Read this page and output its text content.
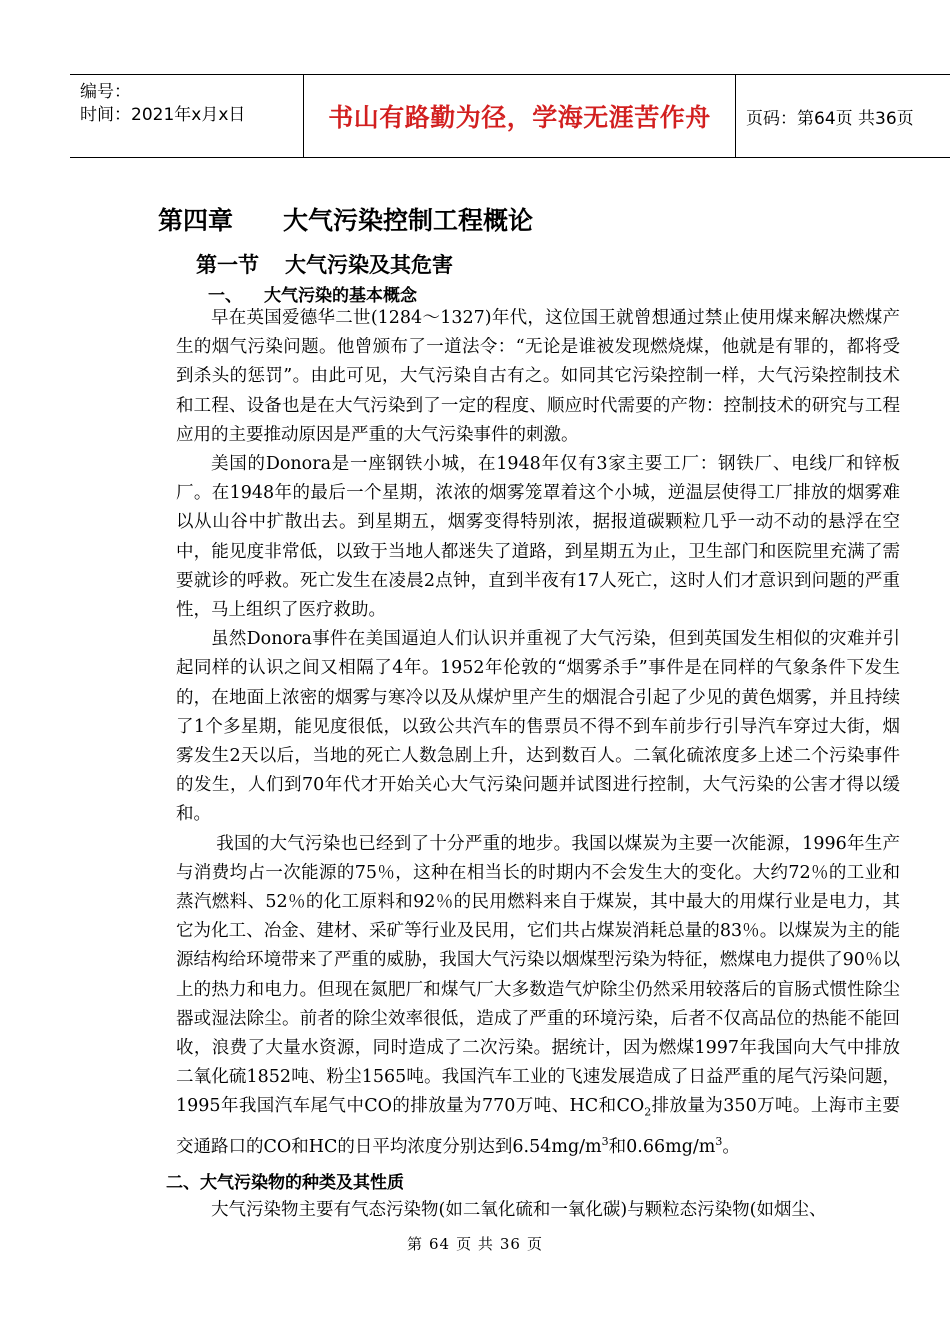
编号：
时间：2021年x月x日	书山有路勤为径，学海无涯苦作舟	页码：第64页 共36页
第四章 大气污染控制工程概论
第一节 大气污染及其危害
一、 大气污染的基本概念

早在英国爱德华二世(1284～1327)年代，这位国王就曾想通过禁止使用煤来解决燃煤产生的烟气污染问题。他曾颁布了一道法令：“无论是谁被发现燃烧煤，他就是有罪的，都将受到杀头的惩罚”。由此可见，大气污染自古有之。如同其它污染控制一样，大气污染控制技术和工程、设备也是在大气污染到了一定的程度、顺应时代需要的产物：控制技术的研究与工程应用的主要推动原因是严重的大气污染事件的刺激。

美国的Donora是一座钢铁小城，在1948年仅有3家主要工厂：钢铁厂、电线厂和锌板厂。在1948年的最后一个星期，浓浓的烟雾笼罩着这个小城，逆温层使得工厂排放的烟雾难以从山谷中扩散出去。到星期五，烟雾变得特别浓，据报道碳颗粒几乎一动不动的悬浮在空中，能见度非常低，以致于当地人都迷失了道路，到星期五为止，卫生部门和医院里充满了需要就诊的呼救。死亡发生在凌晨2点钟，直到半夜有17人死亡，这时人们才意识到问题的严重性，马上组织了医疗救助。

虽然Donora事件在美国逼迫人们认识并重视了大气污染，但到英国发生相似的灾难并引起同样的认识之间又相隔了4年。1952年伦敦的“烟雾杀手”事件是在同样的气象条件下发生的，在地面上浓密的烟雾与寒冷以及从煤炉里产生的烟混合引起了少见的黄色烟雾，并且持续了1个多星期，能见度很低，以致公共汽车的售票员不得不到车前步行引导汽车穿过大街，烟雾发生2天以后，当地的死亡人数急剧上升，达到数百人。二氧化硫浓度多上述二个污染事件的发生，人们到70年代才开始关心大气污染问题并试图进行控制，大气污染的公害才得以缓和。

我国的大气污染也已经到了十分严重的地步。我国以煤炭为主要一次能源，1996年生产与消费均占一次能源的75％，这种在相当长的时期内不会发生大的变化。大约72％的工业和蒸汽燃料、52％的化工原料和92％的民用燃料来自于煤炭，其中最大的用煤行业是电力，其它为化工、冶金、建材、采矿等行业及民用，它们共占煤炭消耗总量的83％。以煤炭为主的能源结构给环境带来了严重的威胁，我国大气污染以烟煤型污染为特征，燃煤电力提供了90％以上的热力和电力。但现在氮肥厂和煤气厂大多数造气炉除尘仍然采用较落后的盲肠式惯性除尘器或湿法除尘。前者的除尘效率很低，造成了严重的环境污染，后者不仅高品位的热能不能回收，浪费了大量水资源，同时造成了二次污染。据统计，因为燃煤1997年我国向大气中排放二氧化硫1852吨、粉尘1565吨。我国汽车工业的飞速发展造成了日益严重的尾气污染问题，1995年我国汽车尾气中CO的排放量为770万吨、HC和$CO_2$排放量为350万吨。上海市主要交通路口的CO和HC的日平均浓度分别达到$6.54mg/m^3$和$0.66mg/m^3$。

二、大气污染物的种类及其性质

大气污染物主要有气态污染物(如二氧化硫和一氧化碳)与颗粒态污染物(如烟尘、

第 64 页 共 36 页
